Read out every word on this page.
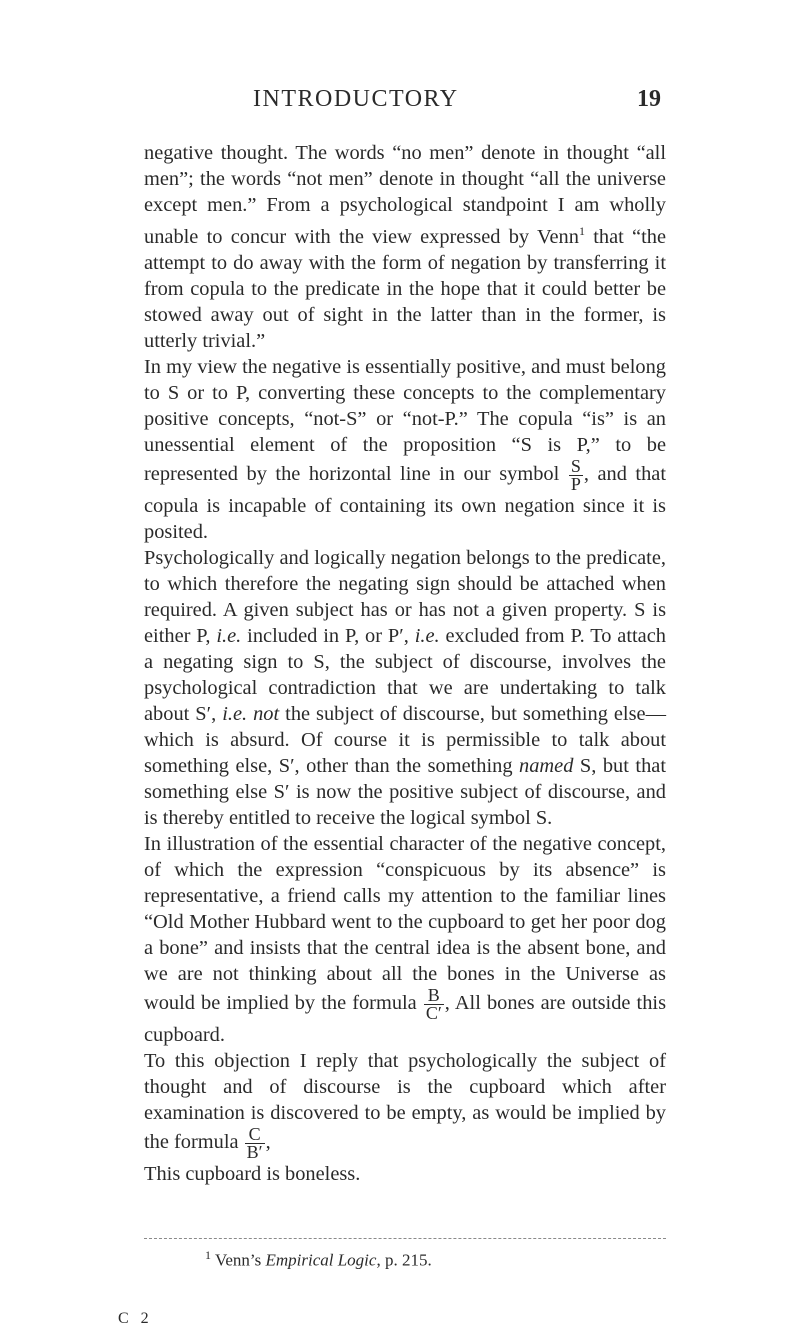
INTRODUCTORY	19

negative thought. The words “no men” denote in thought “all men”; the words “not men” denote in thought “all the universe except men.” From a psychological standpoint I am wholly unable to concur with the view expressed by Venn$^1$ that “the attempt to do away with the form of negation by transferring it from copula to the predicate in the hope that it could better be stowed away out of sight in the latter than in the former, is utterly trivial.”

In my view the negative is essentially positive, and must belong to S or to P, converting these concepts to the complementary positive concepts, “not-S” or “not-P.” The copula “is” is an unessential element of the proposition “S is P,” to be represented by the horizontal line in our symbol $\frac{S}{P}$ , and that copula is incapable of containing its own negation since it is posited.

Psychologically and logically negation belongs to the predicate, to which therefore the negating sign should be attached when required. A given subject has or has not a given property. S is either P, i.e. included in P, or P′, i.e. excluded from P. To attach a negating sign to S, the subject of discourse, involves the psychological contradiction that we are undertaking to talk about S′, i.e. not the subject of discourse, but something else—which is absurd. Of course it is permissible to talk about something else, S′, other than the something named S, but that something else S′ is now the positive subject of discourse, and is thereby entitled to receive the logical symbol S.

In illustration of the essential character of the negative concept, of which the expression “conspicuous by its absence” is representative, a friend calls my attention to the familiar lines “Old Mother Hubbard went to the cupboard to get her poor dog a bone” and insists that the central idea is the absent bone, and we are not thinking about all the bones in the Universe as would be implied by the formula $\frac{B}{C'}$ , All bones are outside this cupboard.

To this objection I reply that psychologically the subject of thought and of discourse is the cupboard which after examination is discovered to be empty, as would be implied by the formula $\frac{C}{B'}$ ,

This cupboard is boneless.

$^1$ Venn’s Empirical Logic, p. 215.
C 2
